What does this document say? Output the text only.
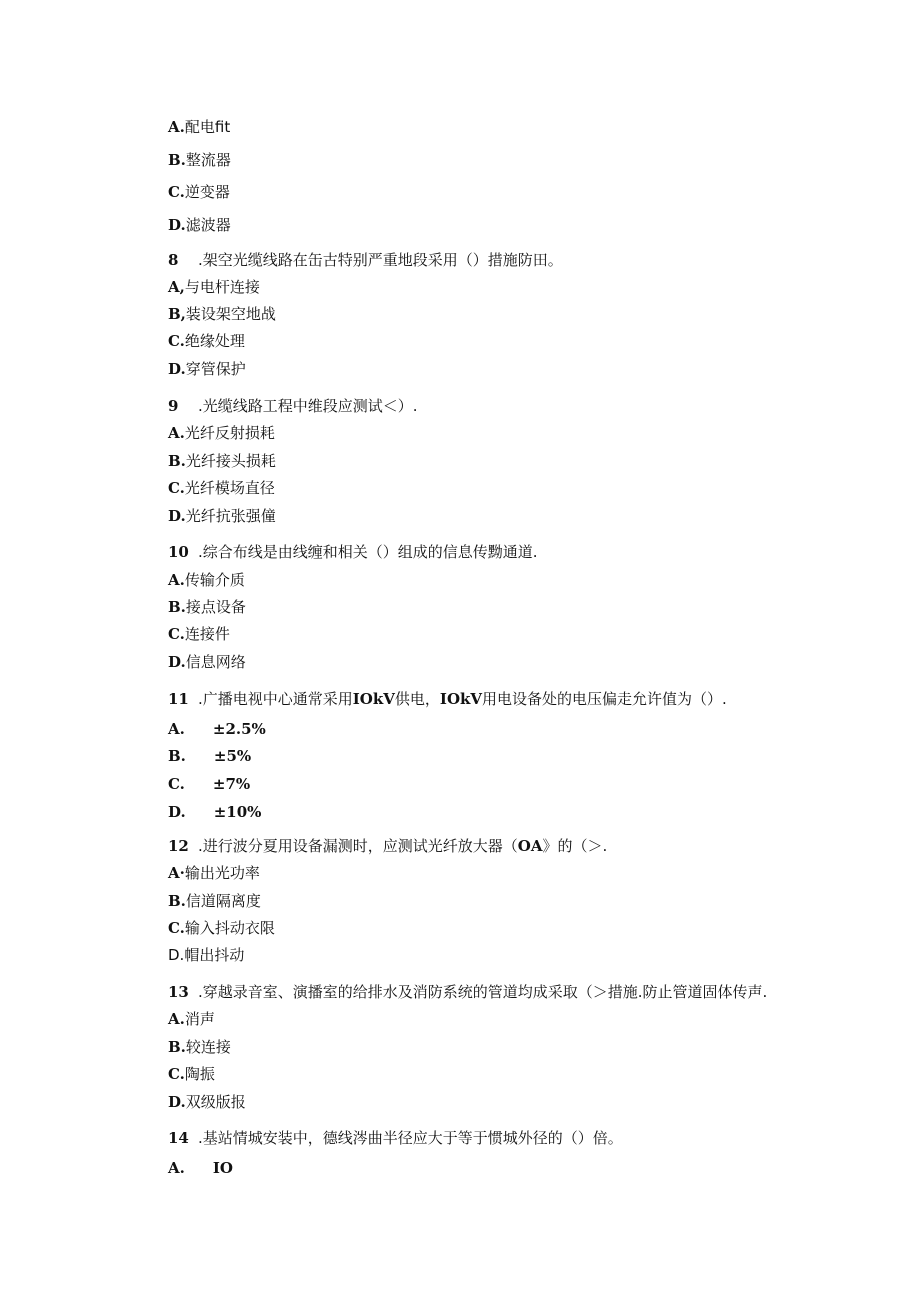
A.配电fit
B.整流器
C.逆变器
D.滤波器
8 .架空光缆线路在缶古特别严重地段采用（）措施防田。
A,与电杆连接
B,装设架空地战
C.绝缘处理
D.穿管保护
9 .光缆线路工程中维段应测试＜）.
A.光纤反射损耗
B.光纤接头损耗
C.光纤模场直径
D.光纤抗张强僮
10 .综合布线是由线缠和相关（）组成的信息传黝通道.
A.传输介质
B.接点设备
C.连接件
D.信息网络
11 .广播电视中心通常采用IOkV供电，IOkV用电设备处的电压偏走允许值为（）.
A. ±2.5%
B. ±5%
C. ±7%
D. ±10%
12 .进行波分夏用设备漏测时，应测试光纤放大器（OA》的（＞.
A·输出光功率
B.信道隔离度
C.输入抖动衣限
D.帽出抖动
13 .穿越录音室、演播室的给排水及消防系统的管道均成采取（＞措施.防止管道固体传声.
A.消声
B.较连接
C.陶振
D.双级版报
14 .基站情城安装中，德线涔曲半径应大于等于惯城外径的（）倍。
A. IO
